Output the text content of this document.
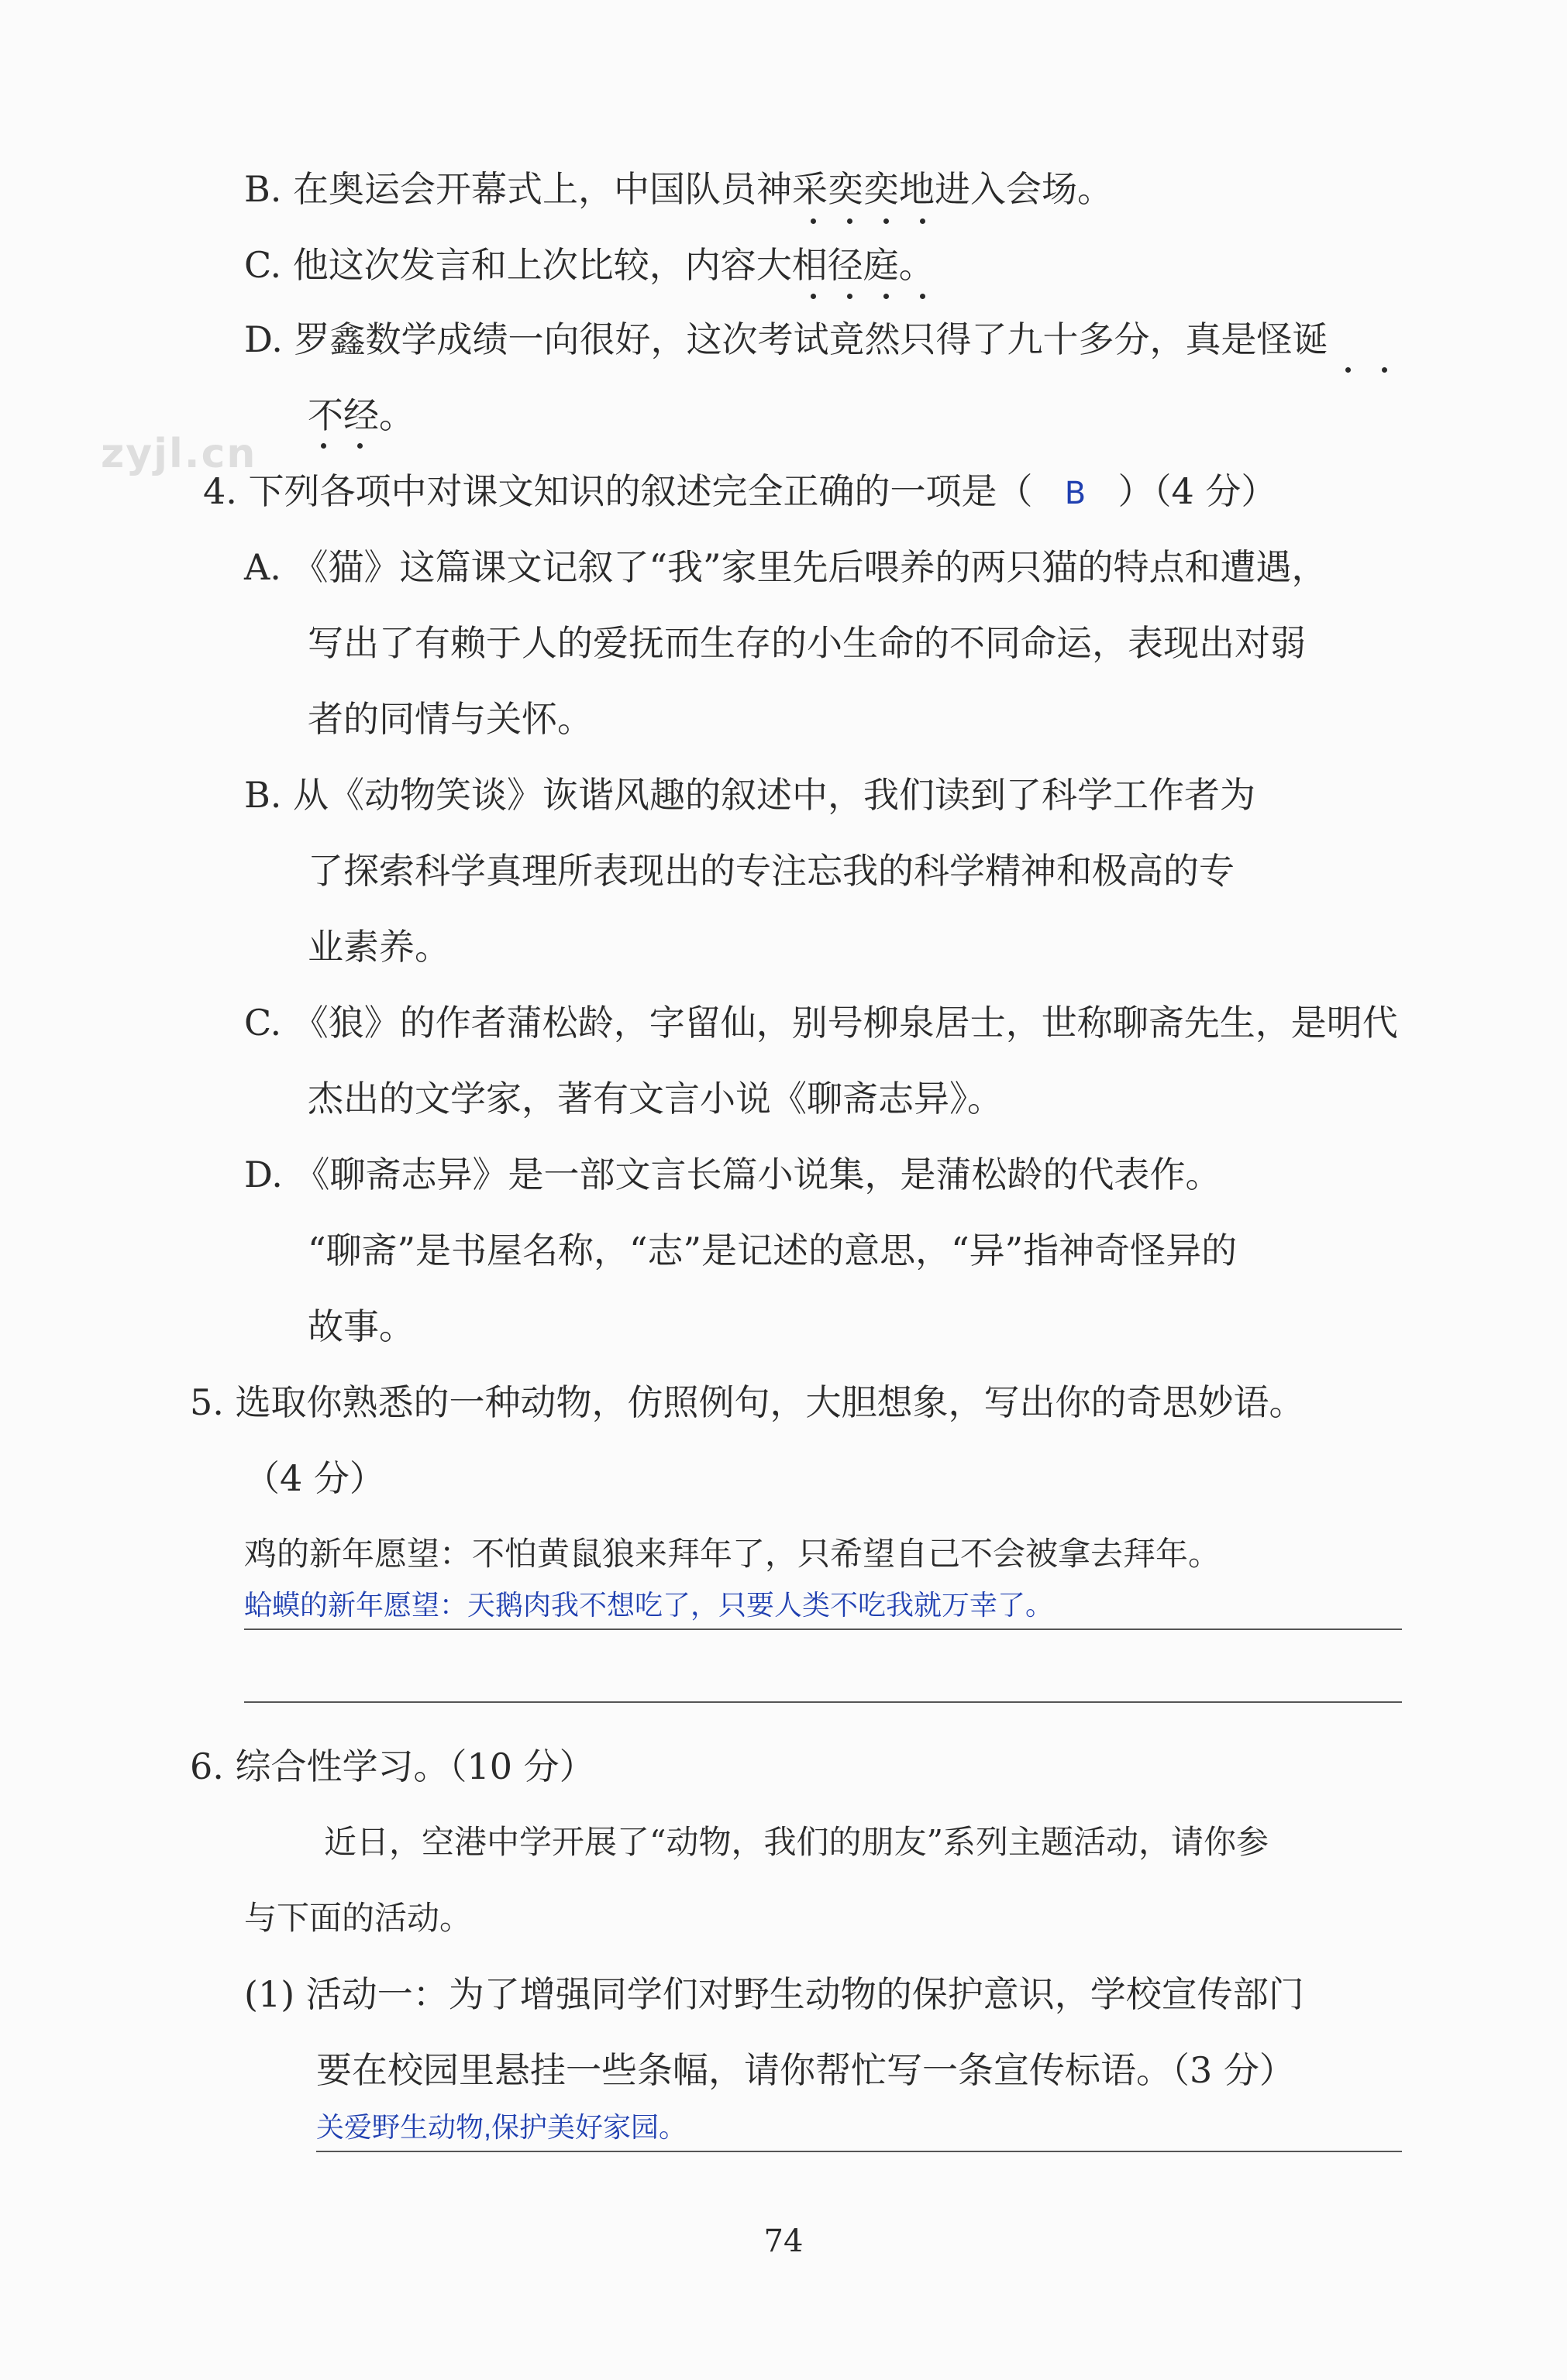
zyjl.cn
B. 在奥运会开幕式上，中国队员神采奕奕地进入会场。
C. 他这次发言和上次比较，内容大相径庭。
D. 罗鑫数学成绩一向很好，这次考试竟然只得了九十多分，真是怪诞
不经。
4. 下列各项中对课文知识的叙述完全正确的一项是（ B ）（4 分）
A. 《猫》这篇课文记叙了“我”家里先后喂养的两只猫的特点和遭遇，
写出了有赖于人的爱抚而生存的小生命的不同命运，表现出对弱
者的同情与关怀。
B. 从《动物笑谈》诙谐风趣的叙述中，我们读到了科学工作者为
了探索科学真理所表现出的专注忘我的科学精神和极高的专
业素养。
C. 《狼》的作者蒲松龄，字留仙，别号柳泉居士，世称聊斋先生，是明代
杰出的文学家，著有文言小说《聊斋志异》。
D. 《聊斋志异》是一部文言长篇小说集，是蒲松龄的代表作。
“聊斋”是书屋名称，“志”是记述的意思，“异”指神奇怪异的
故事。
5. 选取你熟悉的一种动物，仿照例句，大胆想象，写出你的奇思妙语。
（4 分）
鸡的新年愿望：不怕黄鼠狼来拜年了，只希望自己不会被拿去拜年。
蛤蟆的新年愿望：天鹅肉我不想吃了，只要人类不吃我就万幸了。
6. 综合性学习。（10 分）
近日，空港中学开展了“动物，我们的朋友”系列主题活动，请你参
与下面的活动。
(1) 活动一：为了增强同学们对野生动物的保护意识，学校宣传部门
要在校园里悬挂一些条幅，请你帮忙写一条宣传标语。（3 分）
关爱野生动物,保护美好家园。
74
